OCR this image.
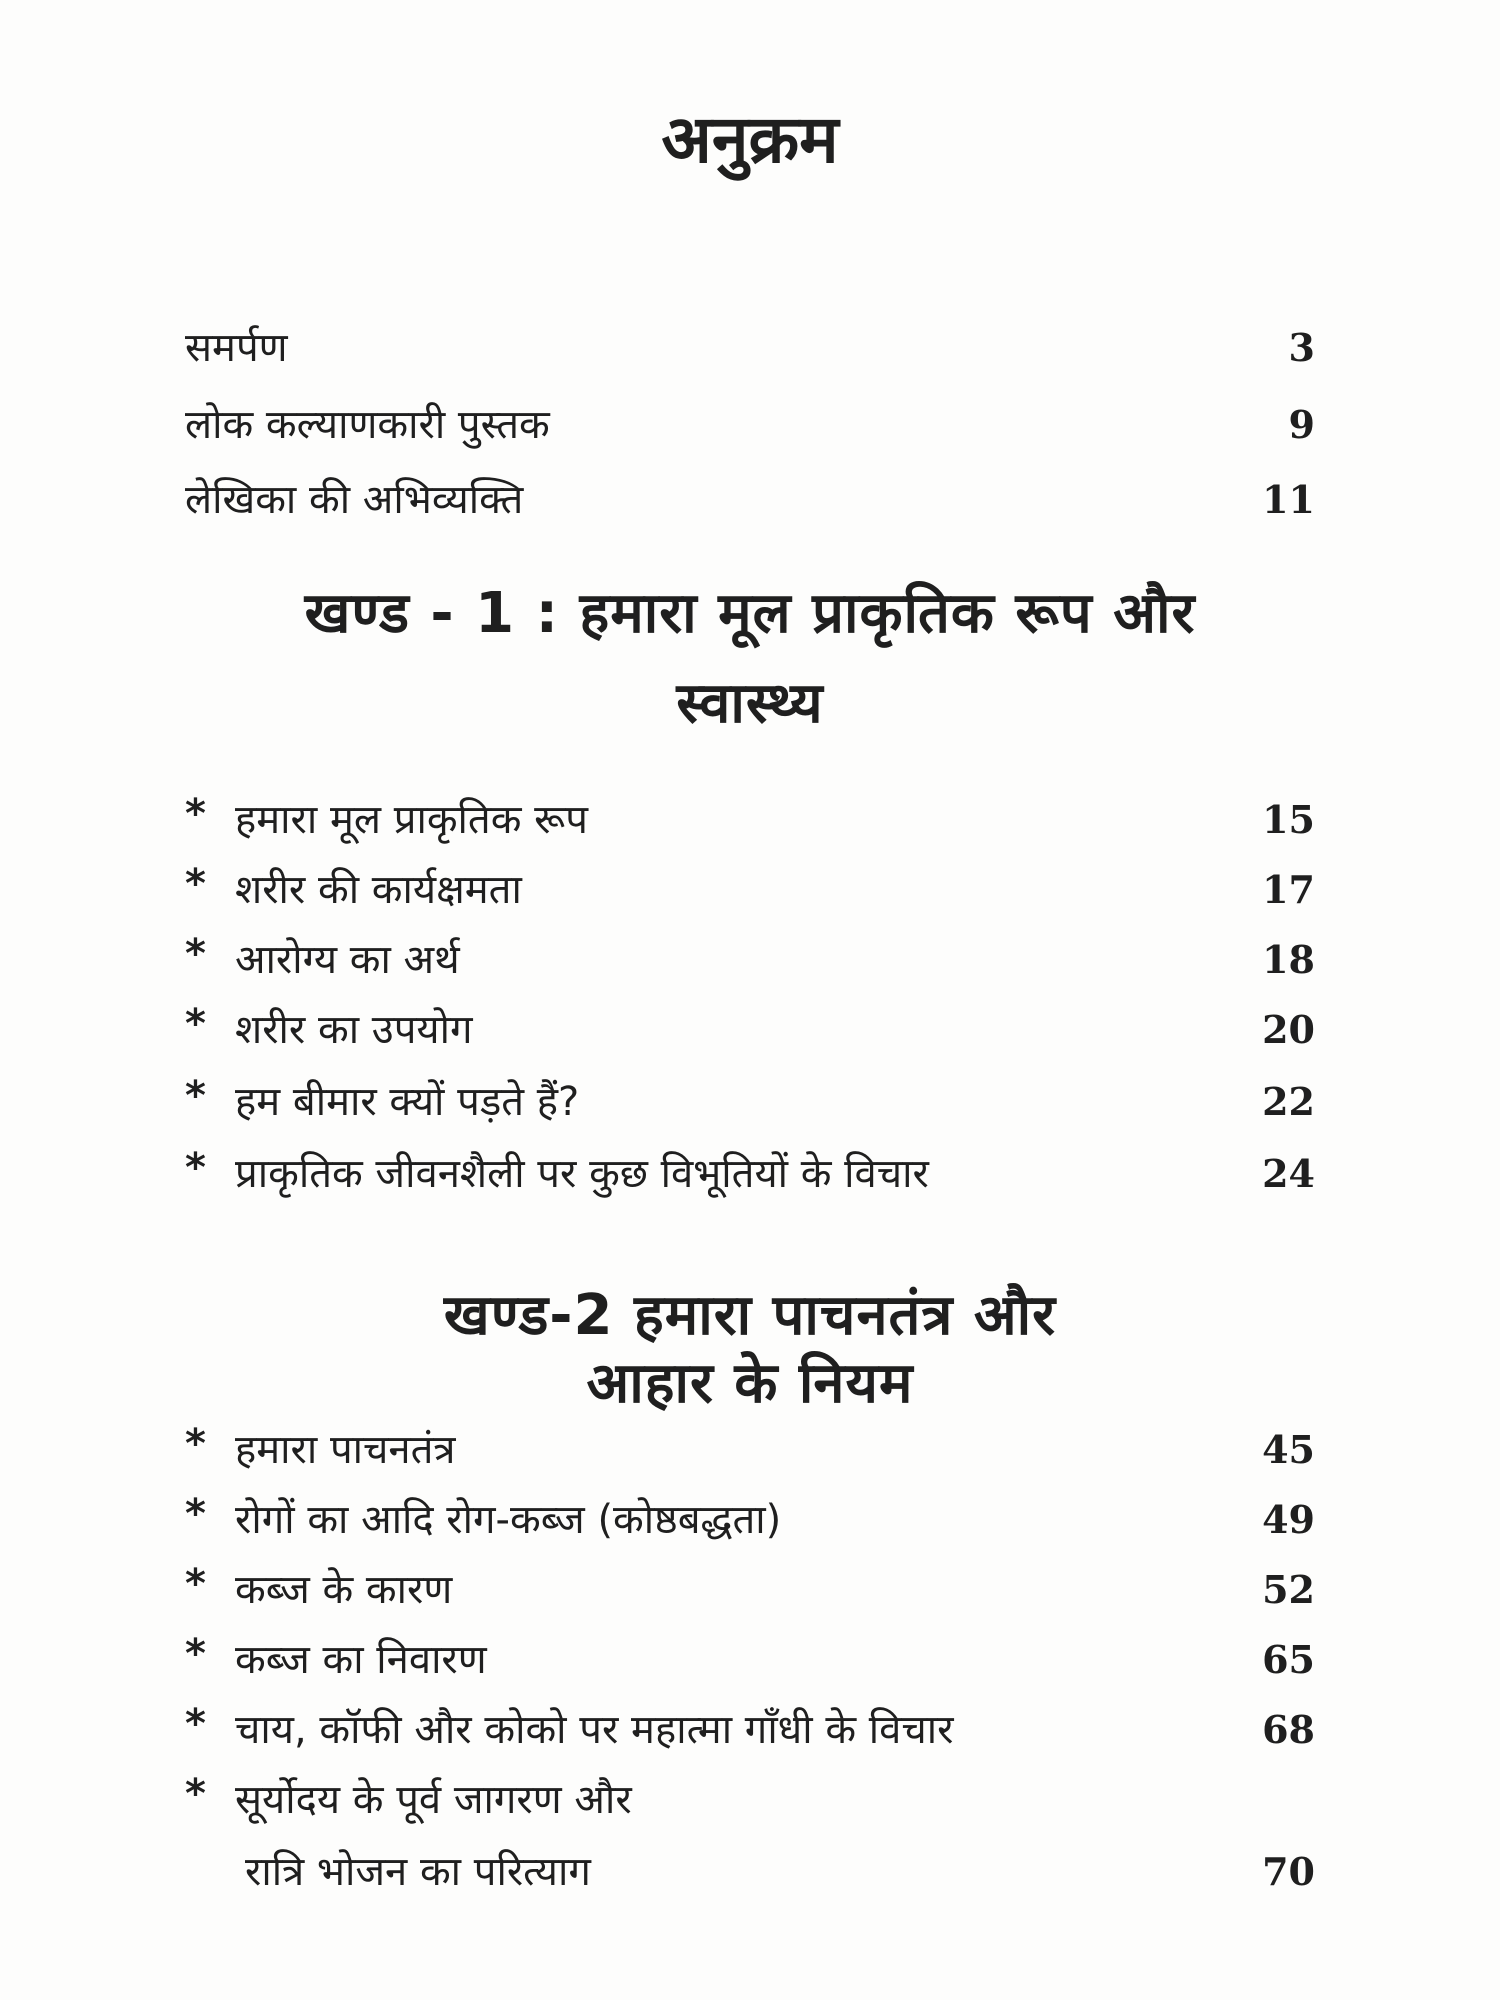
अनुक्रम
समर्पण	3
लोक कल्याणकारी पुस्तक	9
लेखिका की अभिव्यक्ति	11
खण्ड - 1 : हमारा मूल प्राकृतिक रूप और
स्वास्थ्य
* हमारा मूल प्राकृतिक रूप	15
* शरीर की कार्यक्षमता	17
* आरोग्य का अर्थ	18
* शरीर का उपयोग	20
* हम बीमार क्यों पड़ते हैं?	22
* प्राकृतिक जीवनशैली पर कुछ विभूतियों के विचार	24
खण्ड-2 हमारा पाचनतंत्र और
आहार के नियम
* हमारा पाचनतंत्र	45
* रोगों का आदि रोग-कब्ज (कोष्ठबद्धता)	49
* कब्ज के कारण	52
* कब्ज का निवारण	65
* चाय, कॉफी और कोको पर महात्मा गाँधी के विचार	68
* सूर्योदय के पूर्व जागरण और
रात्रि भोजन का परित्याग	70
